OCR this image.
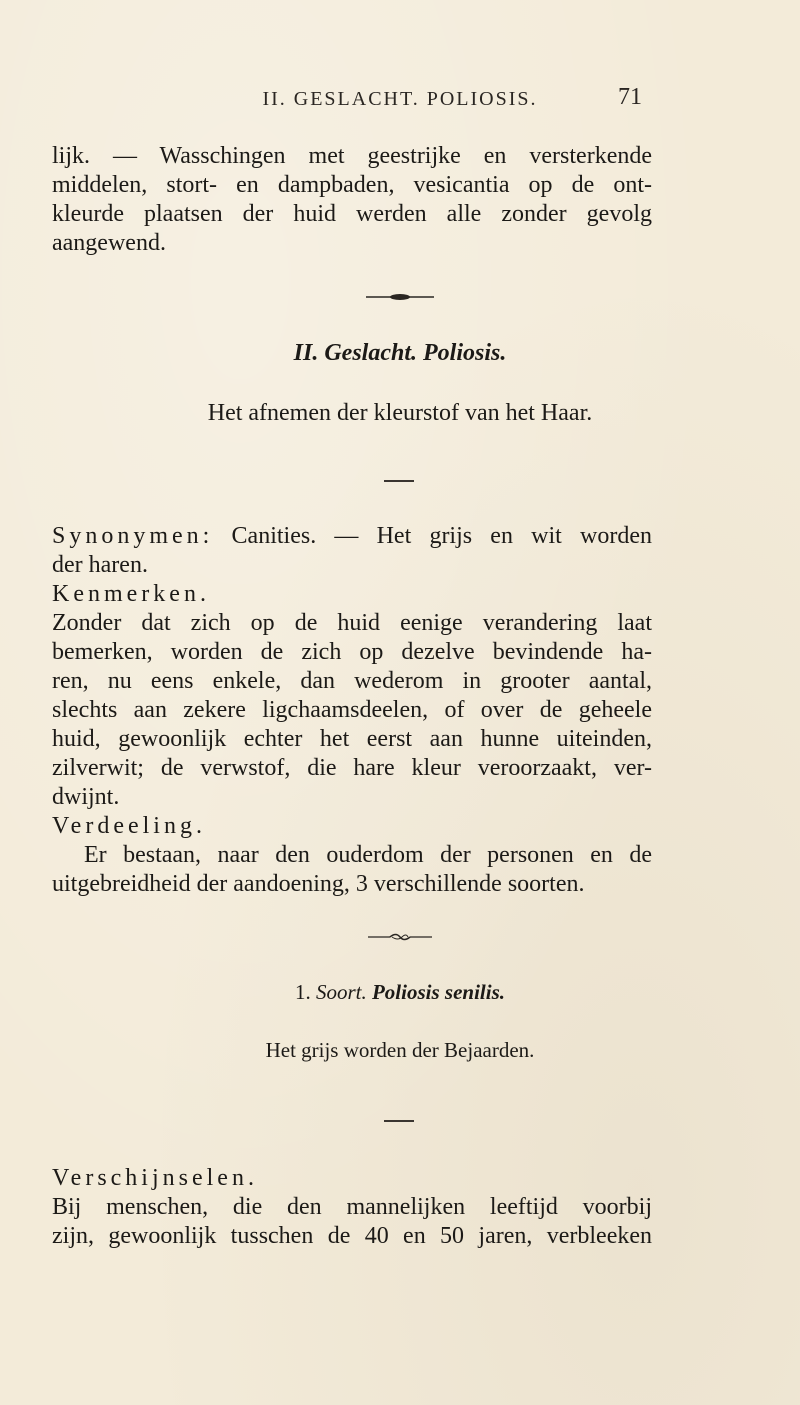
II. GESLACHT. POLIOSIS.	71
lijk. — Wasschingen met geestrijke en versterkende
middelen, stort- en dampbaden, vesicantia op de ont-
kleurde plaatsen der huid werden alle zonder gevolg
aangewend.
II. Geslacht. Poliosis.
Het afnemen der kleurstof van het Haar.
Synonymen: Canities. — Het grijs en wit worden
der haren.
Kenmerken.
Zonder dat zich op de huid eenige verandering laat
bemerken, worden de zich op dezelve bevindende ha-
ren, nu eens enkele, dan wederom in grooter aantal,
slechts aan zekere ligchaamsdeelen, of over de geheele
huid, gewoonlijk echter het eerst aan hunne uiteinden,
zilverwit; de verwstof, die hare kleur veroorzaakt, ver-
dwijnt.
Verdeeling.
Er bestaan, naar den ouderdom der personen en de
uitgebreidheid der aandoening, 3 verschillende soorten.
1. Soort. Poliosis senilis.
Het grijs worden der Bejaarden.
Verschijnselen.
Bij menschen, die den mannelijken leeftijd voorbij
zijn, gewoonlijk tusschen de 40 en 50 jaren, verbleeken
